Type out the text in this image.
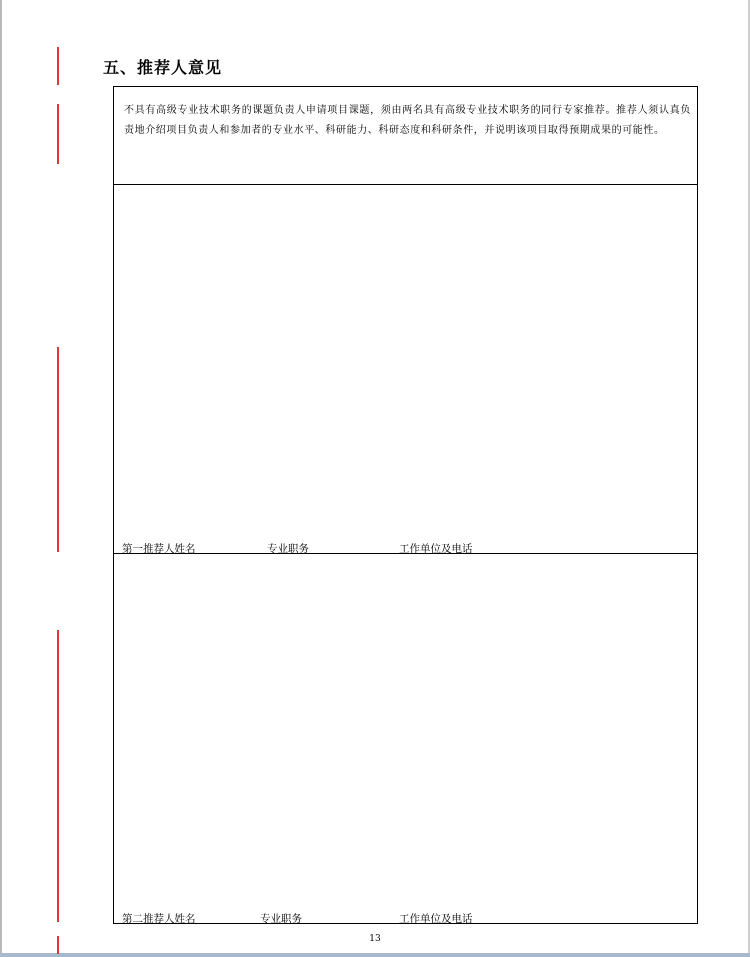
五、推荐人意见
不具有高级专业技术职务的课题负责人申请项目课题，须由两名具有高级专业技术职务的同行专家推荐。推荐人须认真负责地介绍项目负责人和参加者的专业水平、科研能力、科研态度和科研条件，并说明该项目取得预期成果的可能性。
第一推荐人姓名	专业职务	工作单位及电话
第二推荐人姓名	专业职务	工作单位及电话
13
